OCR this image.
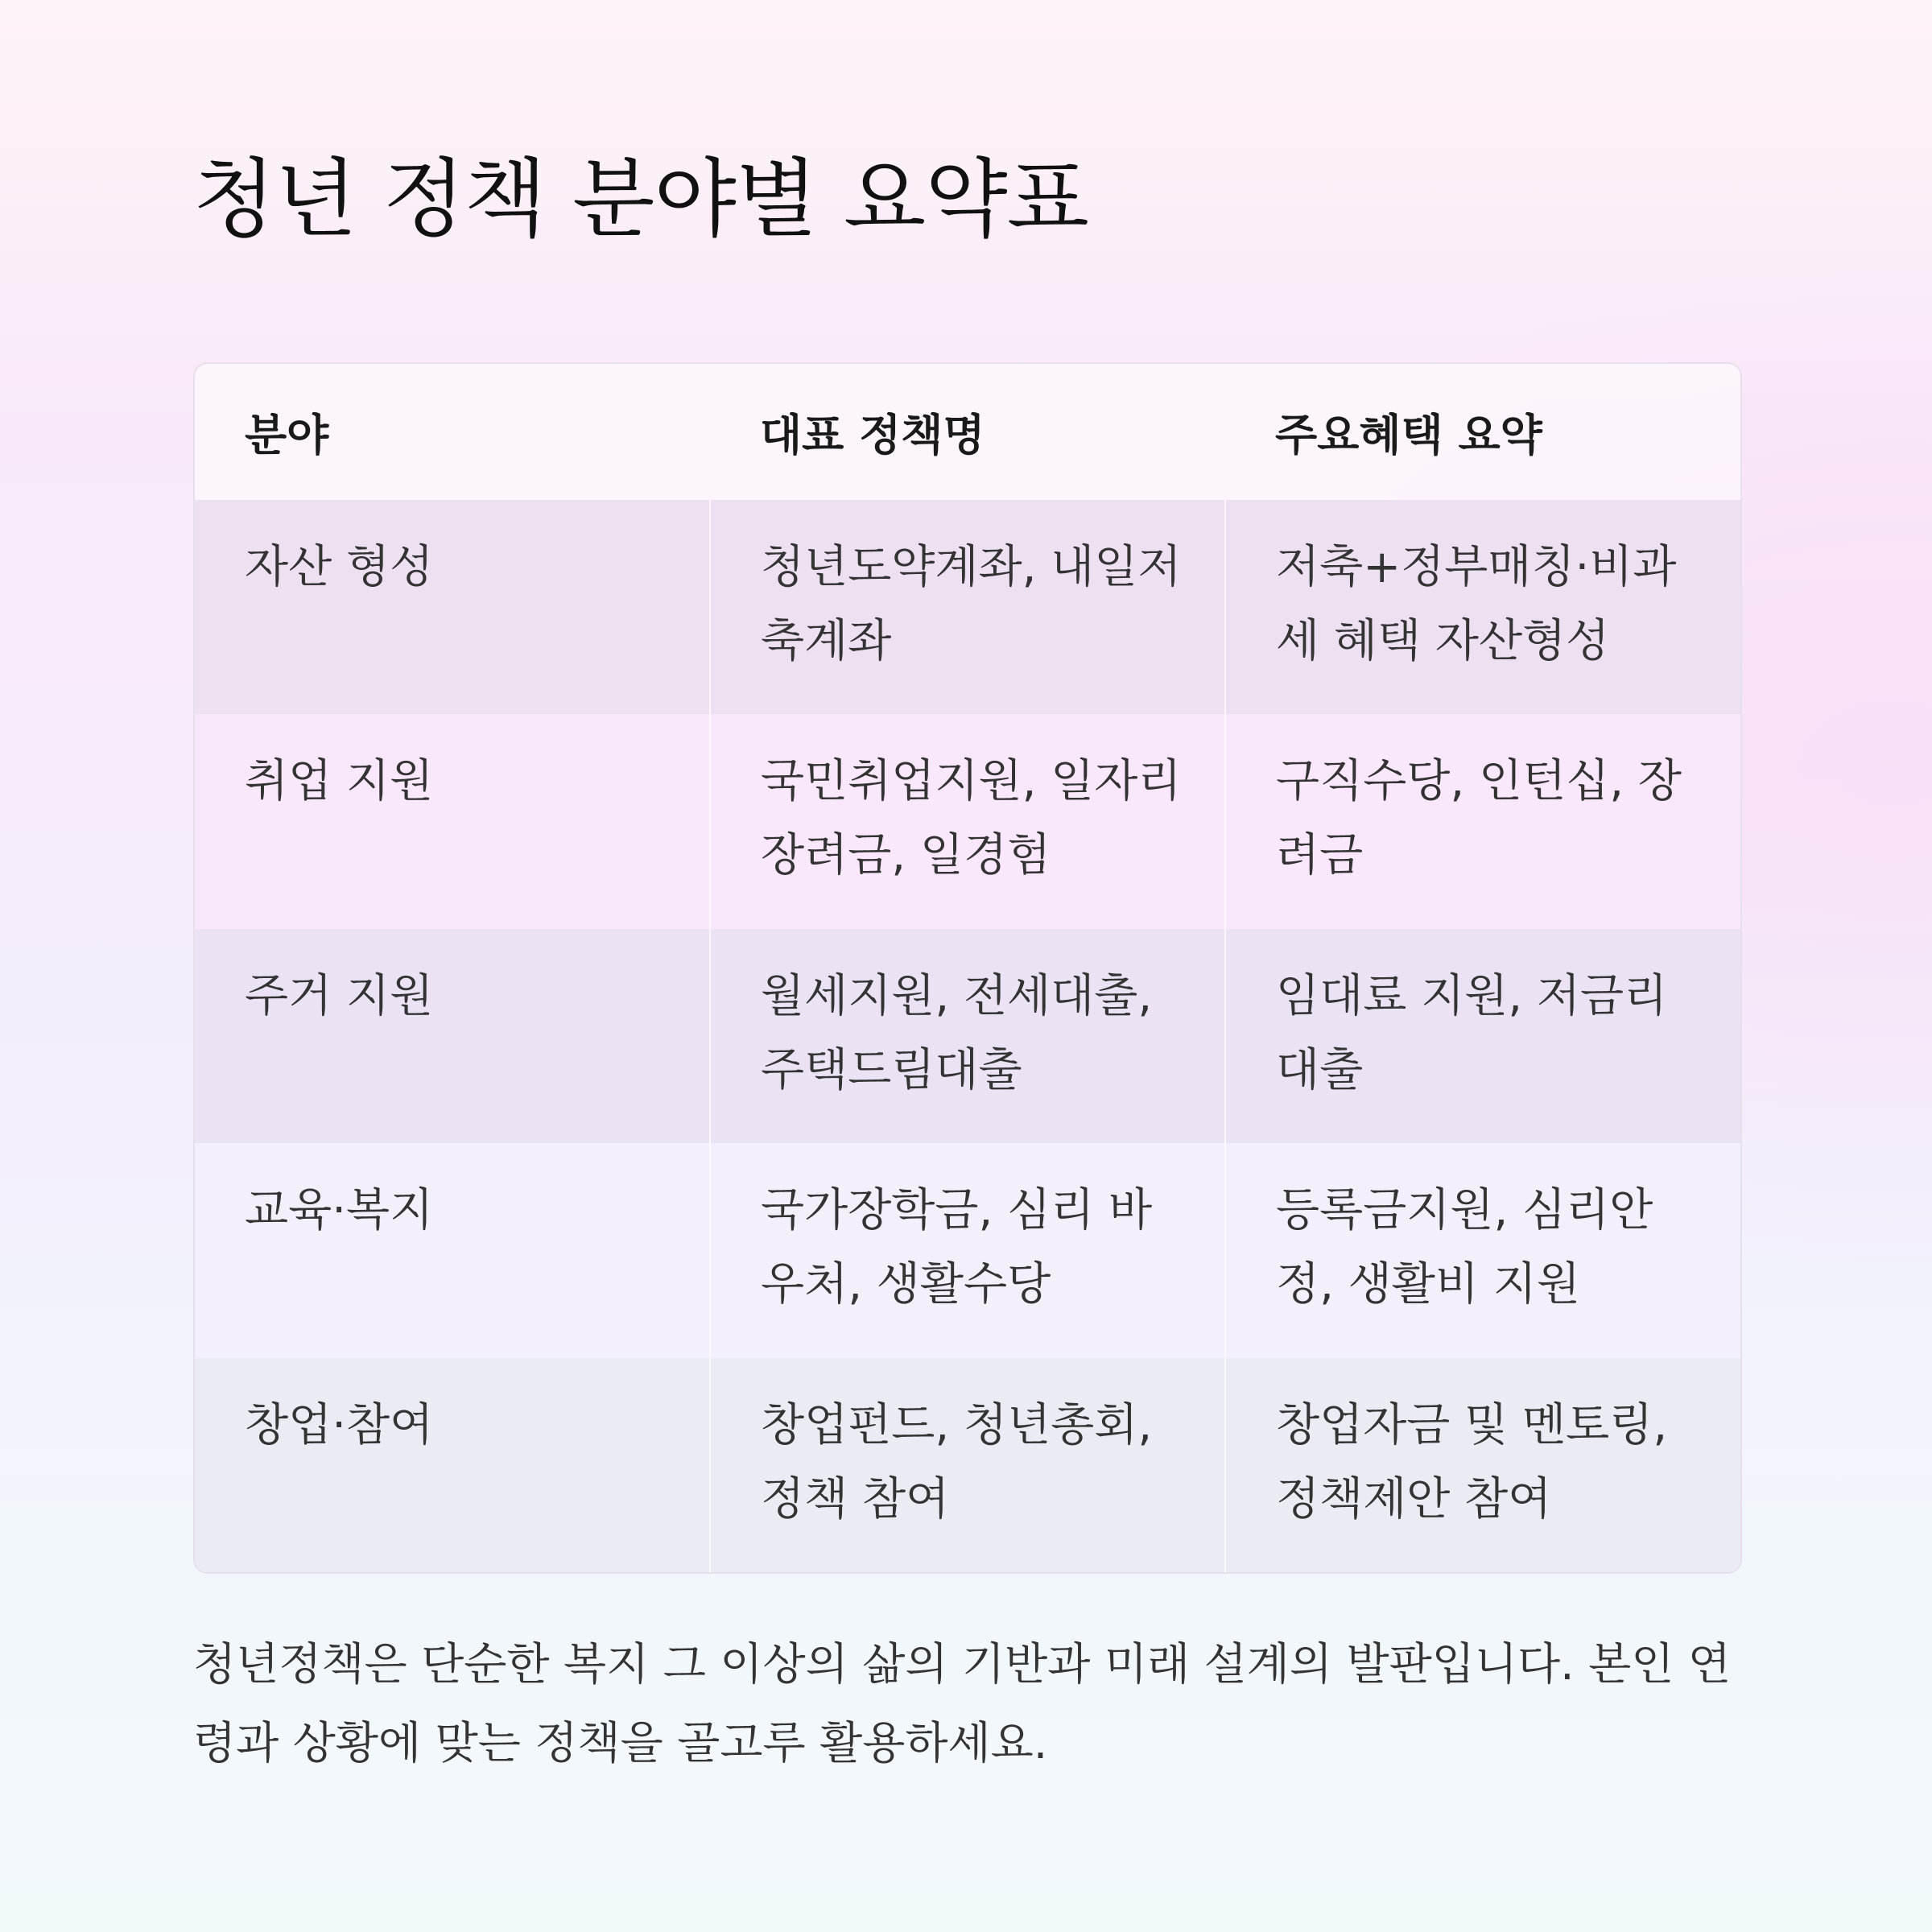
청년 정책 분야별 요약표
분야	대표 정책명	주요혜택 요약
자산 형성	청년도약계좌, 내일저축계좌	저축+정부매칭·비과세 혜택 자산형성
취업 지원	국민취업지원, 일자리장려금, 일경험	구직수당, 인턴십, 장려금
주거 지원	월세지원, 전세대출, 주택드림대출	임대료 지원, 저금리 대출
교육·복지	국가장학금, 심리 바우처, 생활수당	등록금지원, 심리안정, 생활비 지원
창업·참여	창업펀드, 청년총회, 정책 참여	창업자금 및 멘토링, 정책제안 참여

청년정책은 단순한 복지 그 이상의 삶의 기반과 미래 설계의 발판입니다. 본인 연령과 상황에 맞는 정책을 골고루 활용하세요.
